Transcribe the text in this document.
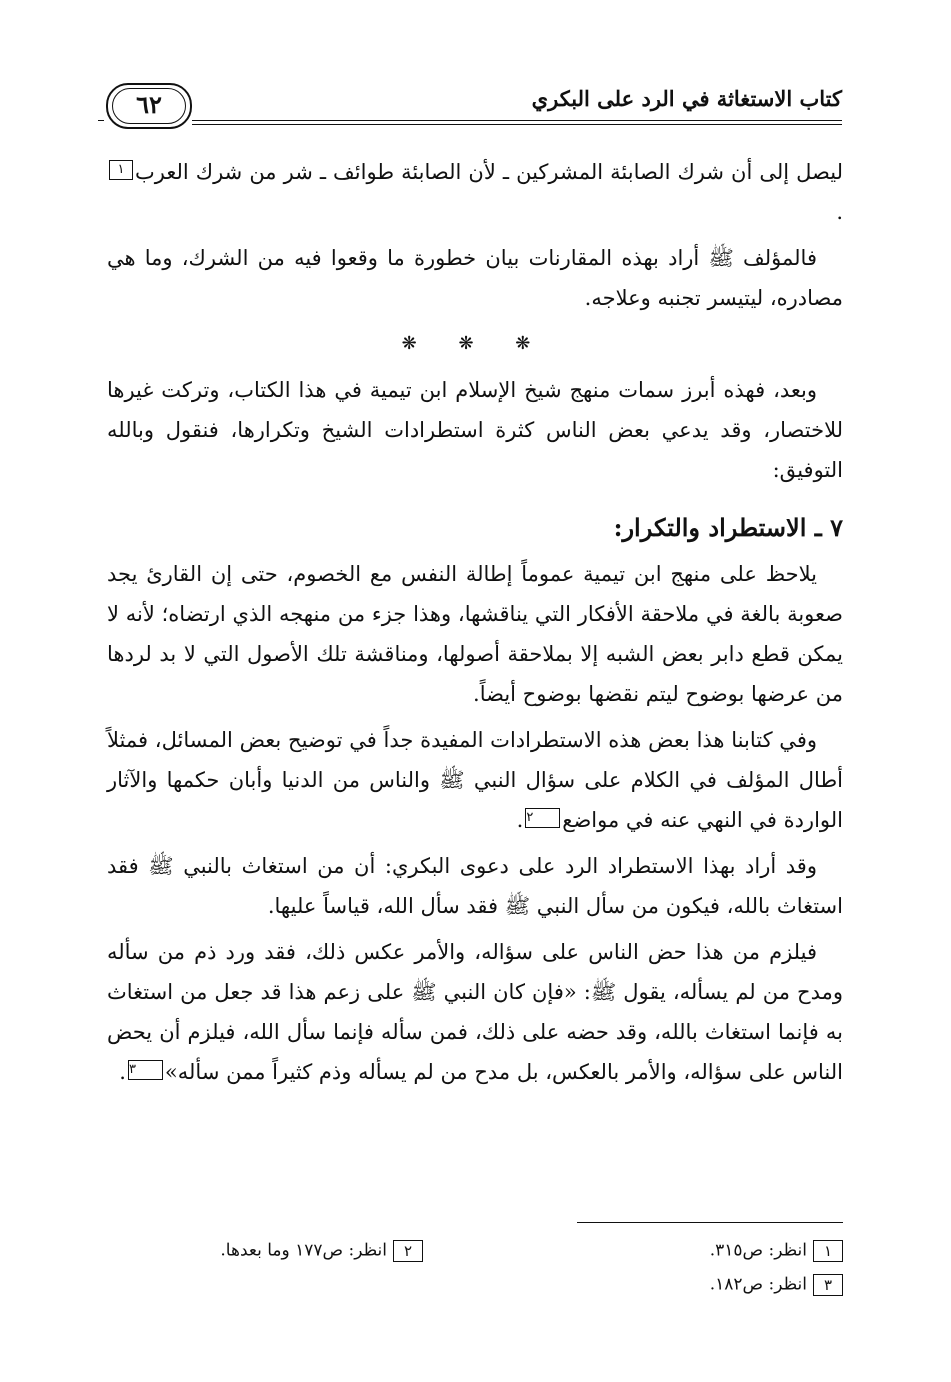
كتاب الاستغاثة في الرد على البكري
٦٢

ليصل إلى أن شرك الصابئة المشركين ـ لأن الصابئة طوائف ـ شر من شرك العرب١.

فالمؤلف ﷺ أراد بهذه المقارنات بيان خطورة ما وقعوا فيه من الشرك، وما هي مصادره، ليتيسر تجنبه وعلاجه.

❋ ❋ ❋

وبعد، فهذه أبرز سمات منهج شيخ الإسلام ابن تيمية في هذا الكتاب، وتركت غيرها للاختصار، وقد يدعي بعض الناس كثرة استطرادات الشيخ وتكرارها، فنقول وبالله التوفيق:

٧ ـ الاستطراد والتكرار:

يلاحظ على منهج ابن تيمية عموماً إطالة النفس مع الخصوم، حتى إن القارئ يجد صعوبة بالغة في ملاحقة الأفكار التي يناقشها، وهذا جزء من منهجه الذي ارتضاه؛ لأنه لا يمكن قطع دابر بعض الشبه إلا بملاحقة أصولها، ومناقشة تلك الأصول التي لا بد لردها من عرضها بوضوح ليتم نقضها بوضوح أيضاً.

وفي كتابنا هذا بعض هذه الاستطرادات المفيدة جداً في توضيح بعض المسائل، فمثلاً أطال المؤلف في الكلام على سؤال النبي ﷺ والناس من الدنيا وأبان حكمها والآثار الواردة في النهي عنه في مواضع٢.

وقد أراد بهذا الاستطراد الرد على دعوى البكري: أن من استغاث بالنبي ﷺ فقد استغاث بالله، فيكون من سأل النبي ﷺ فقد سأل الله، قياساً عليها.

فيلزم من هذا حض الناس على سؤاله، والأمر عكس ذلك، فقد ورد ذم من سأله ومدح من لم يسأله، يقول ﷺ: «فإن كان النبي ﷺ على زعم هذا قد جعل من استغاث به فإنما استغاث بالله، وقد حضه على ذلك، فمن سأله فإنما سأل الله، فيلزم أن يحض الناس على سؤاله، والأمر بالعكس، بل مدح من لم يسأله وذم كثيراً ممن سأله»٣.

١انظر: ص٣١٥.
٢انظر: ص١٧٧ وما بعدها.
٣انظر: ص١٨٢.
